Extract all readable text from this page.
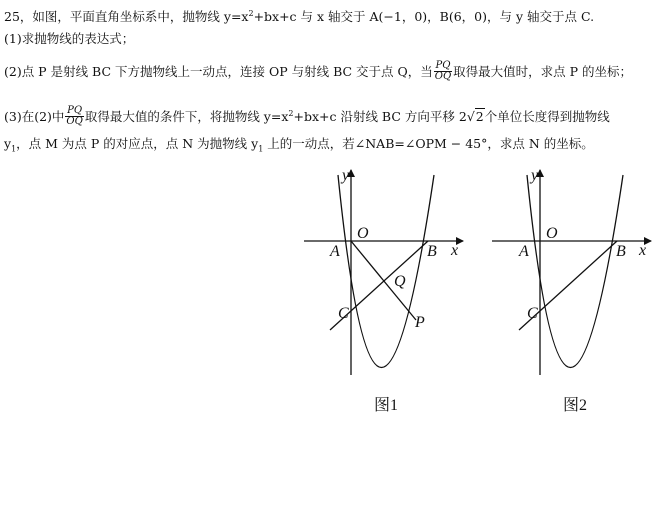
25，如图，平面直角坐标系中，抛物线 $y=x^2+bx+c$ 与 x 轴交于 A(−1，0)，B(6，0)，与 y 轴交于点 C.
(1)求抛物线的表达式；
(2)点 P 是射线 BC 下方抛物线上一动点，连接 OP 与射线 BC 交于点 Q，当 $\frac{PQ}{OQ}$ 取得最大值时，求点 P 的坐标；
(3)在(2)中 $\frac{PQ}{OQ}$ 取得最大值的条件下，将抛物线 $y=x^2+bx+c$ 沿射线 BC 方向平移 2√2个单位长度得到抛物线
$y_1$，点 M 为点 P 的对应点，点 N 为抛物线 $y_1$ 上的一动点，若∠NAB=∠OPM − 45°，求点 N 的坐标。
y
x
O
A	B
C
Q
P
图1
y
x
O
A	B
C
图2
